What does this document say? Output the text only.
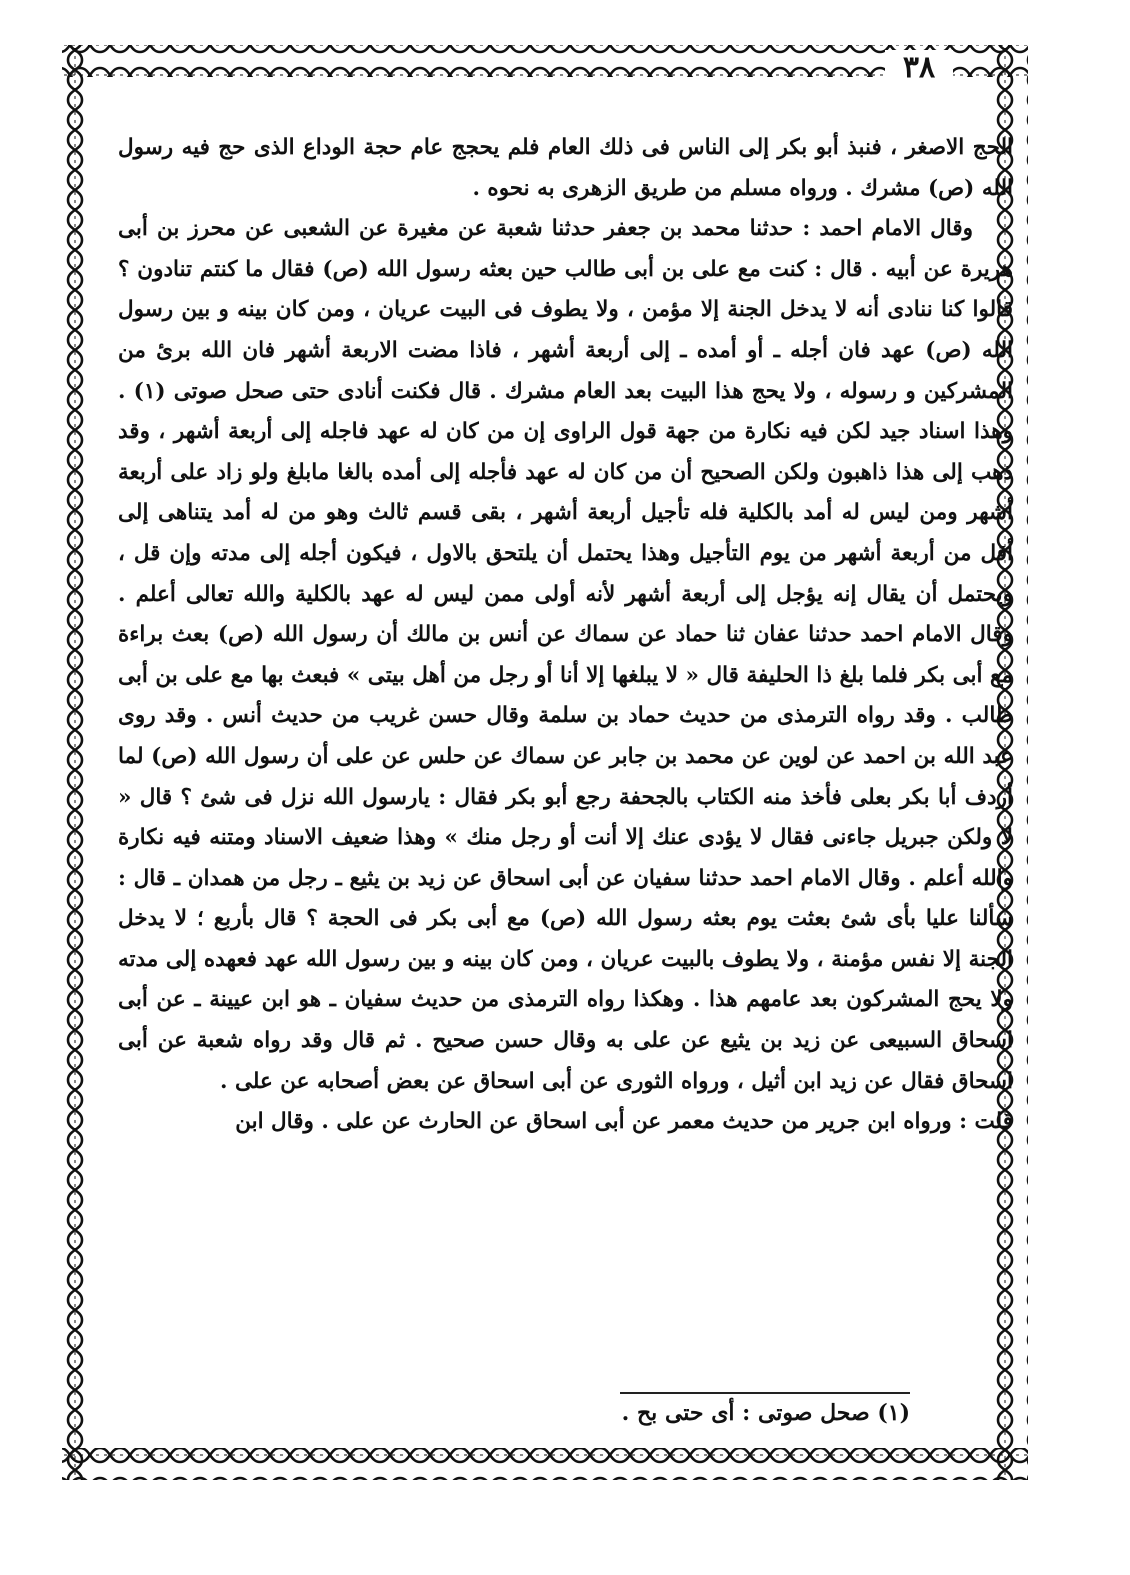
٣٨

الحج الاصغر ، فنبذ أبو بكر إلى الناس فى ذلك العام فلم يحجج عام حجة الوداع الذى حج فيه رسول الله (ص) مشرك . ورواه مسلم من طريق الزهرى به نحوه .

وقال الامام احمد : حدثنا محمد بن جعفر حدثنا شعبة عن مغيرة عن الشعبى عن محرز بن أبى هريرة عن أبيه . قال : كنت مع على بن أبى طالب حين بعثه رسول الله (ص) فقال ما كنتم تنادون ؟ قالوا كنا ننادى أنه لا يدخل الجنة إلا مؤمن ، ولا يطوف فى البيت عريان ، ومن كان بينه و بين رسول الله (ص) عهد فان أجله ـ أو أمده ـ إلى أربعة أشهر ، فاذا مضت الاربعة أشهر فان الله برئ من المشركين و رسوله ، ولا يحج هذا البيت بعد العام مشرك . قال فكنت أنادى حتى صحل صوتى (١) . وهذا اسناد جيد لكن فيه نكارة من جهة قول الراوى إن من كان له عهد فاجله إلى أربعة أشهر ، وقد ذهب إلى هذا ذاهبون ولكن الصحيح أن من كان له عهد فأجله إلى أمده بالغا مابلغ ولو زاد على أربعة أشهر ومن ليس له أمد بالكلية فله تأجيل أربعة أشهر ، بقى قسم ثالث وهو من له أمد يتناهى إلى أقل من أربعة أشهر من يوم التأجيل وهذا يحتمل أن يلتحق بالاول ، فيكون أجله إلى مدته وإن قل ، ويحتمل أن يقال إنه يؤجل إلى أربعة أشهر لأنه أولى ممن ليس له عهد بالكلية والله تعالى أعلم . وقال الامام احمد حدثنا عفان ثنا حماد عن سماك عن أنس بن مالك أن رسول الله (ص) بعث براءة مع أبى بكر فلما بلغ ذا الحليفة قال « لا يبلغها إلا أنا أو رجل من أهل بيتى » فبعث بها مع على بن أبى طالب . وقد رواه الترمذى من حديث حماد بن سلمة وقال حسن غريب من حديث أنس . وقد روى عبد الله بن احمد عن لوين عن محمد بن جابر عن سماك عن حلس عن على أن رسول الله (ص) لما أردف أبا بكر بعلى فأخذ منه الكتاب بالجحفة رجع أبو بكر فقال : يارسول الله نزل فى شئ ؟ قال « لا ولكن جبريل جاءنى فقال لا يؤدى عنك إلا أنت أو رجل منك » وهذا ضعيف الاسناد ومتنه فيه نكارة والله أعلم . وقال الامام احمد حدثنا سفيان عن أبى اسحاق عن زيد بن يثيع ـ رجل من همدان ـ قال : سألنا عليا بأى شئ بعثت يوم بعثه رسول الله (ص) مع أبى بكر فى الحجة ؟ قال بأربع ؛ لا يدخل الجنة إلا نفس مؤمنة ، ولا يطوف بالبيت عريان ، ومن كان بينه و بين رسول الله عهد فعهده إلى مدته ولا يحج المشركون بعد عامهم هذا . وهكذا رواه الترمذى من حديث سفيان ـ هو ابن عيينة ـ عن أبى اسحاق السبيعى عن زيد بن يثيع عن على به وقال حسن صحيح . ثم قال وقد رواه شعبة عن أبى اسحاق فقال عن زيد ابن أثيل ، ورواه الثورى عن أبى اسحاق عن بعض أصحابه عن على .

قلت : ورواه ابن جرير من حديث معمر عن أبى اسحاق عن الحارث عن على . وقال ابن

(١) صحل صوتى : أى حتى بح .
